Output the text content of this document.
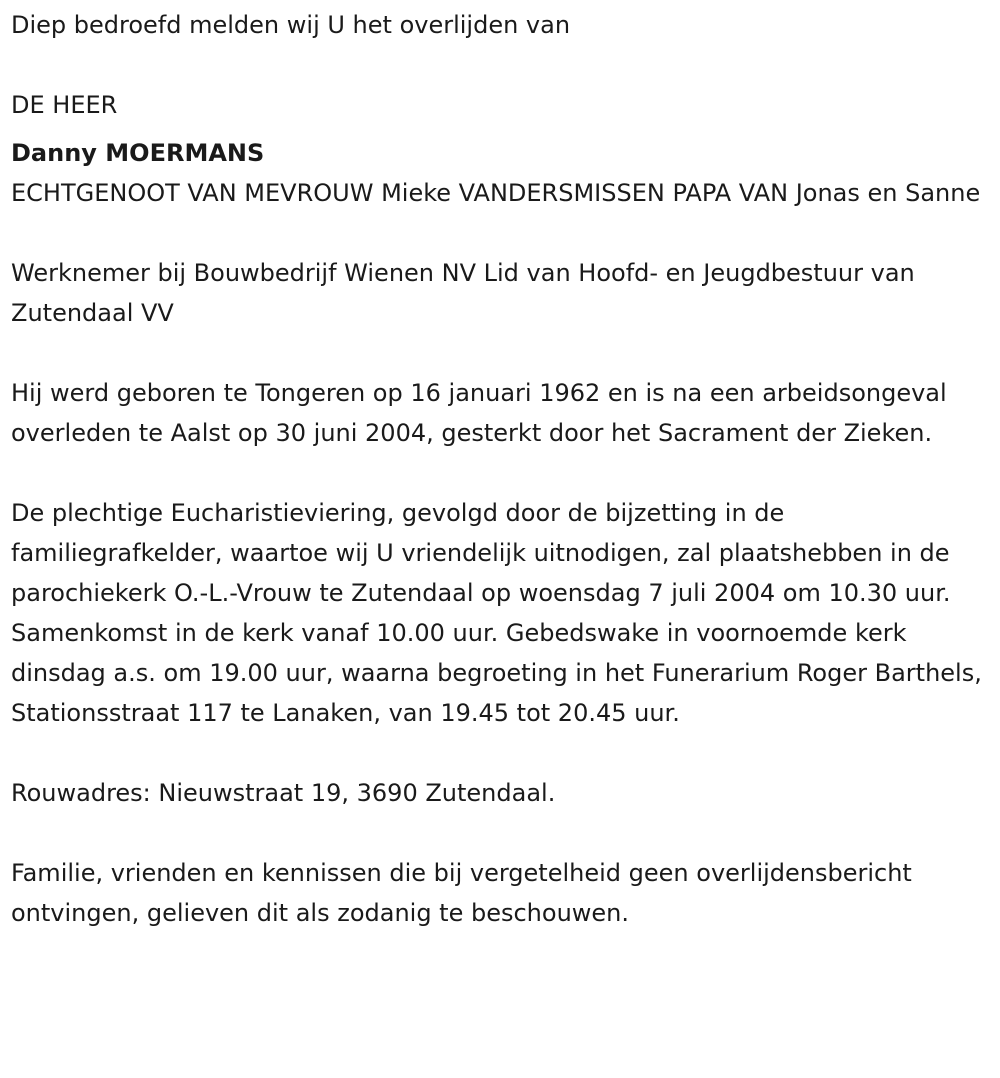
Diep bedroefd melden wij U het overlijden van

DE HEER

Danny MOERMANS

ECHTGENOOT VAN MEVROUW Mieke VANDERSMISSEN PAPA VAN Jonas en Sanne

Werknemer bij Bouwbedrijf Wienen NV Lid van Hoofd- en Jeugdbestuur van Zutendaal VV

Hij werd geboren te Tongeren op 16 januari 1962 en is na een arbeidsongeval overleden te Aalst op 30 juni 2004, gesterkt door het Sacrament der Zieken.

De plechtige Eucharistieviering, gevolgd door de bijzetting in de familiegrafkelder, waartoe wij U vriendelijk uitnodigen, zal plaatshebben in de parochiekerk O.-L.-Vrouw te Zutendaal op woensdag 7 juli 2004 om 10.30 uur. Samenkomst in de kerk vanaf 10.00 uur. Gebedswake in voornoemde kerk dinsdag a.s. om 19.00 uur, waarna begroeting in het Funerarium Roger Barthels, Stationsstraat 117 te Lanaken, van 19.45 tot 20.45 uur.

Rouwadres: Nieuwstraat 19, 3690 Zutendaal.

Familie, vrienden en kennissen die bij vergetelheid geen overlijdensbericht ontvingen, gelieven dit als zodanig te beschouwen.
